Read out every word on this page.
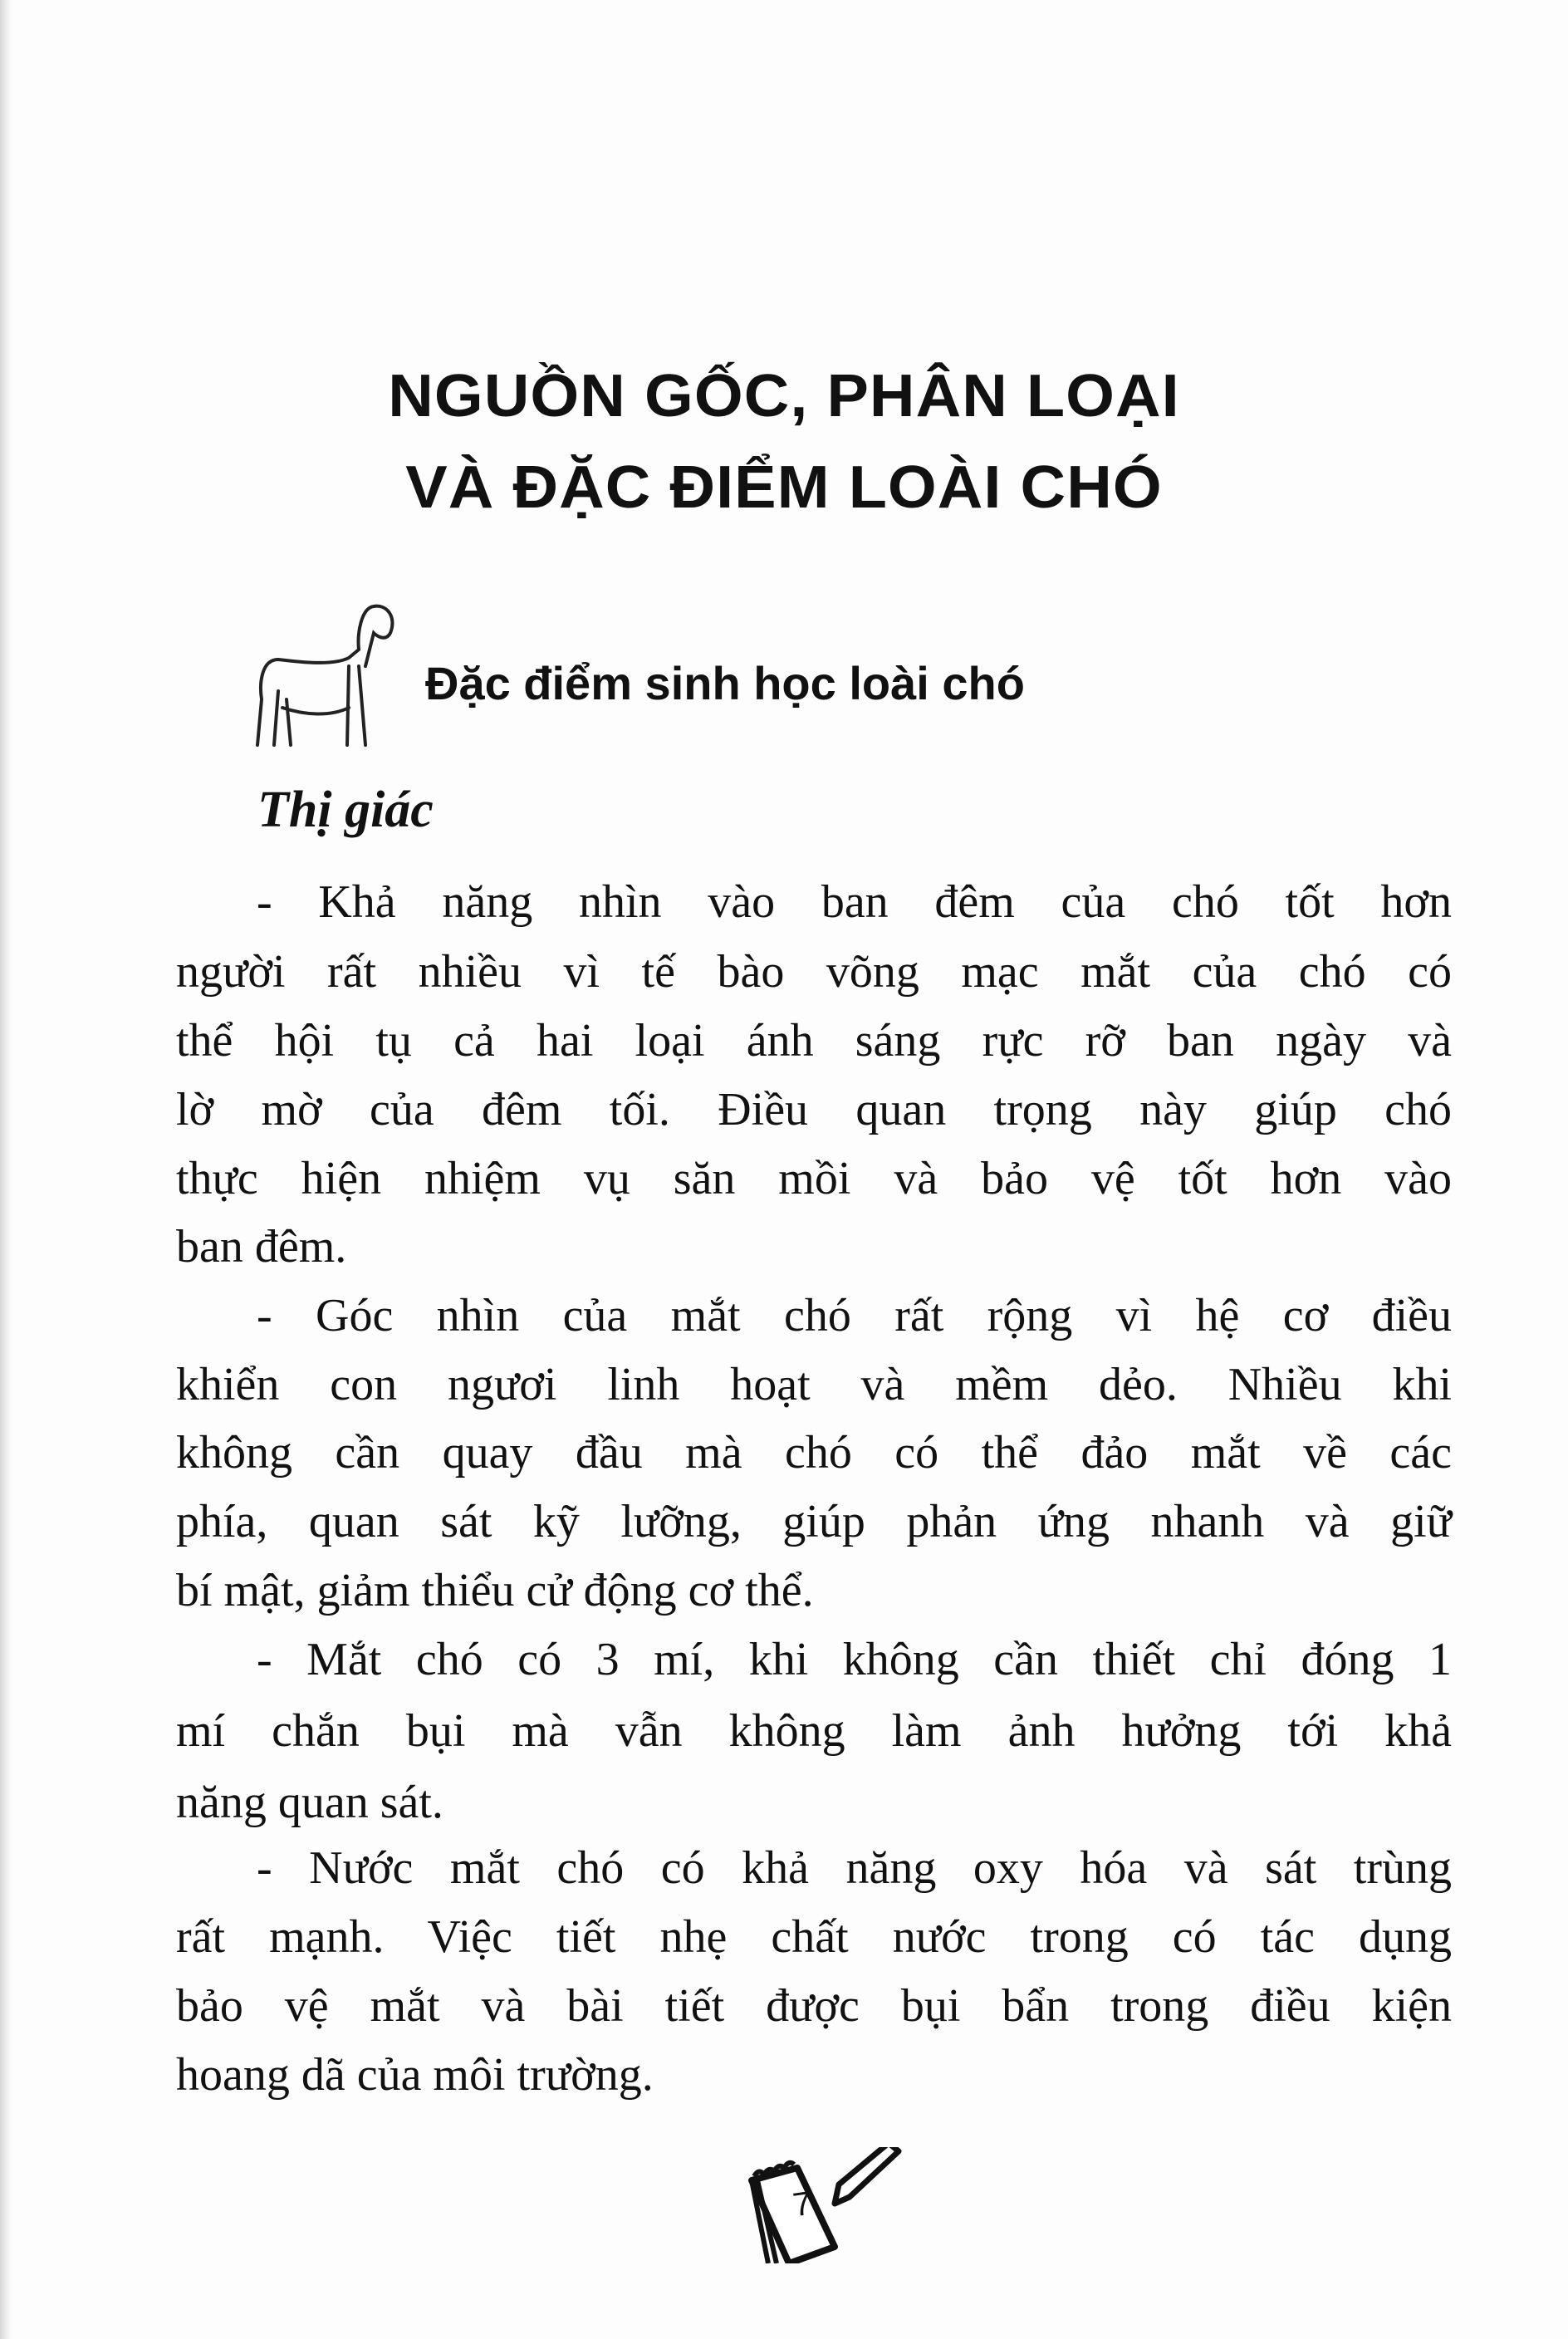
NGUỒN GỐC, PHÂN LOẠI
VÀ ĐẶC ĐIỂM LOÀI CHÓ
Đặc điểm sinh học loài chó
Thị giác
- Khả năng nhìn vào ban đêm của chó tốt hơn
người rất nhiều vì tế bào võng mạc mắt của chó có
thể hội tụ cả hai loại ánh sáng rực rỡ ban ngày và
lờ mờ của đêm tối. Điều quan trọng này giúp chó
thực hiện nhiệm vụ săn mồi và bảo vệ tốt hơn vào
ban đêm.
- Góc nhìn của mắt chó rất rộng vì hệ cơ điều
khiển con ngươi linh hoạt và mềm dẻo. Nhiều khi
không cần quay đầu mà chó có thể đảo mắt về các
phía, quan sát kỹ lưỡng, giúp phản ứng nhanh và giữ
bí mật, giảm thiểu cử động cơ thể.
- Mắt chó có 3 mí, khi không cần thiết chỉ đóng 1
mí chắn bụi mà vẫn không làm ảnh hưởng tới khả
năng quan sát.
- Nước mắt chó có khả năng oxy hóa và sát trùng
rất mạnh. Việc tiết nhẹ chất nước trong có tác dụng
bảo vệ mắt và bài tiết được bụi bẩn trong điều kiện
hoang dã của môi trường.
7
